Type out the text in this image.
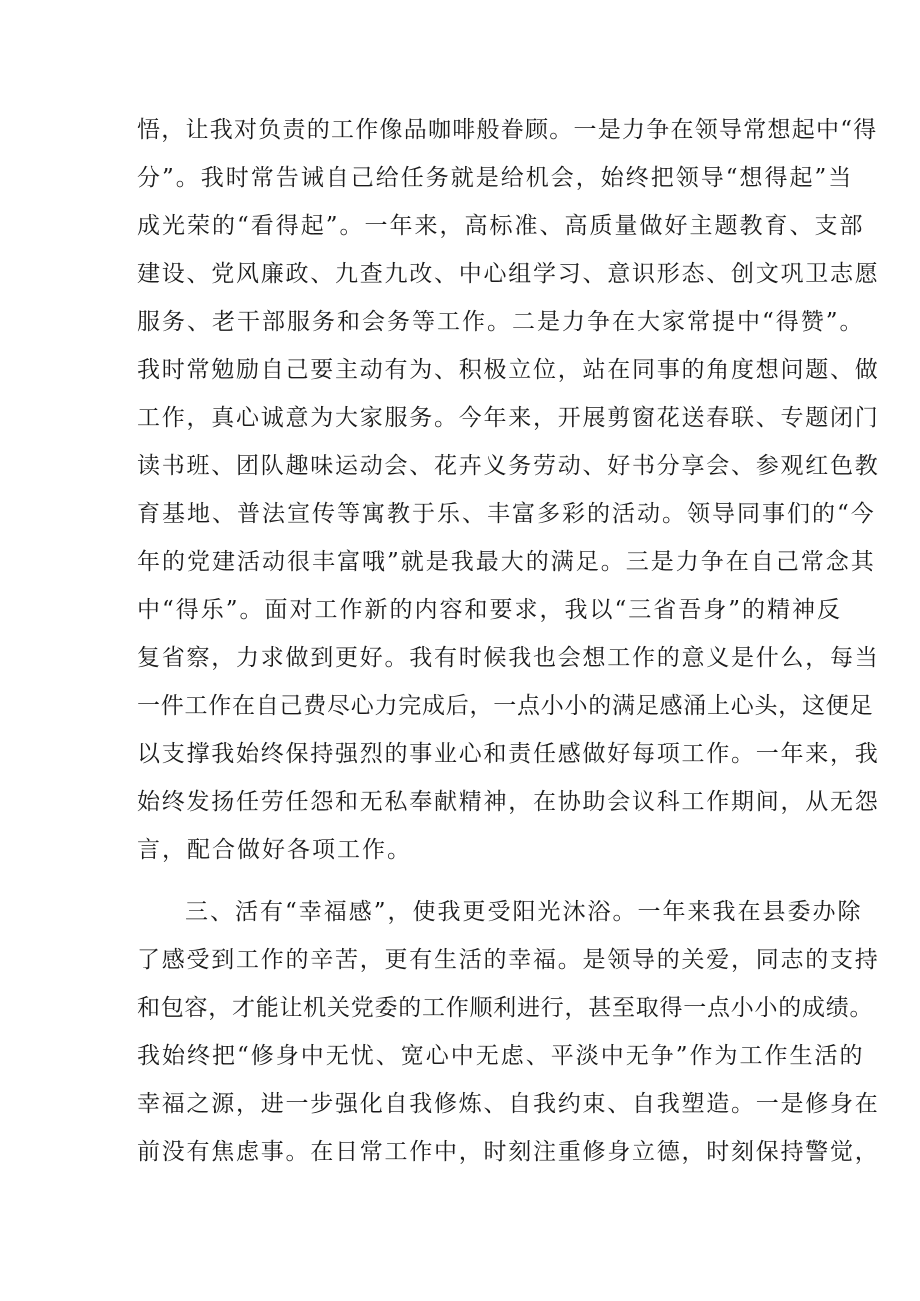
悟，让我对负责的工作像品咖啡般眷顾。一是力争在领导常想起中“得
分”。我时常告诫自己给任务就是给机会，始终把领导“想得起”当
成光荣的“看得起”。一年来，高标准、高质量做好主题教育、支部
建设、党风廉政、九查九改、中心组学习、意识形态、创文巩卫志愿
服务、老干部服务和会务等工作。二是力争在大家常提中“得赞”。
我时常勉励自己要主动有为、积极立位，站在同事的角度想问题、做
工作，真心诚意为大家服务。今年来，开展剪窗花送春联、专题闭门
读书班、团队趣味运动会、花卉义务劳动、好书分享会、参观红色教
育基地、普法宣传等寓教于乐、丰富多彩的活动。领导同事们的“今
年的党建活动很丰富哦”就是我最大的满足。三是力争在自己常念其
中“得乐”。面对工作新的内容和要求，我以“三省吾身”的精神反
复省察，力求做到更好。我有时候我也会想工作的意义是什么，每当
一件工作在自己费尽心力完成后，一点小小的满足感涌上心头，这便足
以支撑我始终保持强烈的事业心和责任感做好每项工作。一年来，我
始终发扬任劳任怨和无私奉献精神，在协助会议科工作期间，从无怨
言，配合做好各项工作。
三、活有“幸福感”，使我更受阳光沐浴。一年来我在县委办除
了感受到工作的辛苦，更有生活的幸福。是领导的关爱，同志的支持
和包容，才能让机关党委的工作顺利进行，甚至取得一点小小的成绩。
我始终把“修身中无忧、宽心中无虑、平淡中无争”作为工作生活的
幸福之源，进一步强化自我修炼、自我约束、自我塑造。一是修身在
前没有焦虑事。在日常工作中，时刻注重修身立德，时刻保持警觉，
